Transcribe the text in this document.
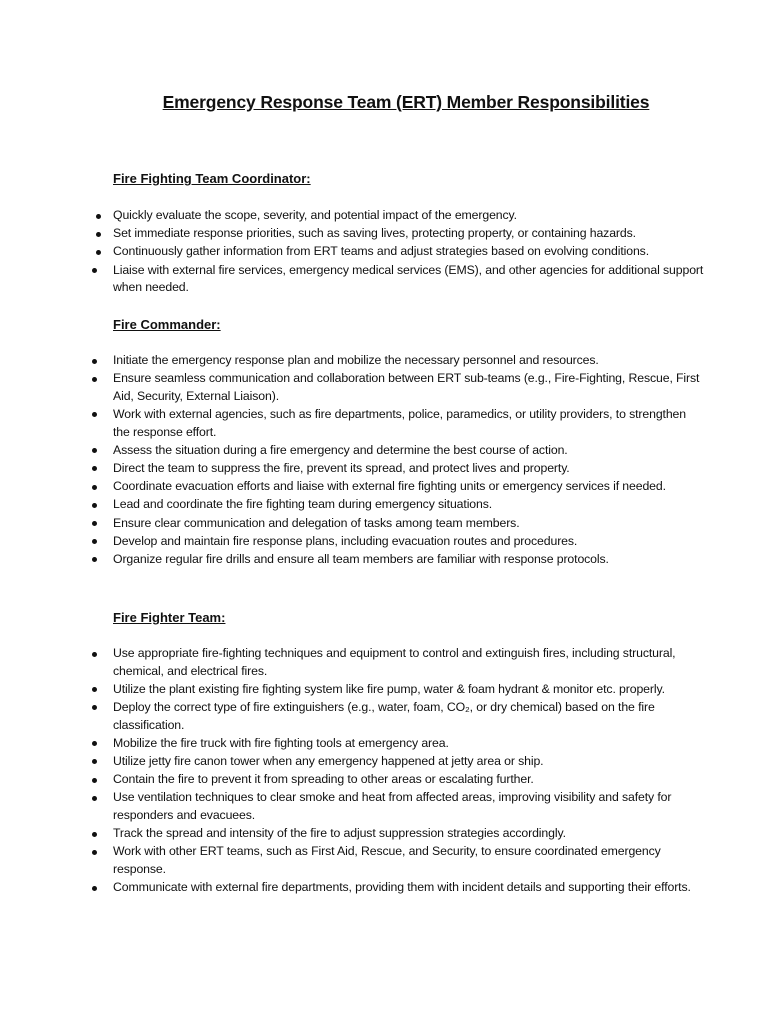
Emergency Response Team (ERT) Member Responsibilities
Fire Fighting Team Coordinator:
Quickly evaluate the scope, severity, and potential impact of the emergency.
Set immediate response priorities, such as saving lives, protecting property, or containing hazards.
Continuously gather information from ERT teams and adjust strategies based on evolving conditions.
Liaise with external fire services, emergency medical services (EMS), and other agencies for additional support when needed.
Fire Commander:
Initiate the emergency response plan and mobilize the necessary personnel and resources.
Ensure seamless communication and collaboration between ERT sub-teams (e.g., Fire-Fighting, Rescue, First Aid, Security, External Liaison).
Work with external agencies, such as fire departments, police, paramedics, or utility providers, to strengthen the response effort.
Assess the situation during a fire emergency and determine the best course of action.
Direct the team to suppress the fire, prevent its spread, and protect lives and property.
Coordinate evacuation efforts and liaise with external fire fighting units or emergency services if needed.
Lead and coordinate the fire fighting team during emergency situations.
Ensure clear communication and delegation of tasks among team members.
Develop and maintain fire response plans, including evacuation routes and procedures.
Organize regular fire drills and ensure all team members are familiar with response protocols.
Fire Fighter Team:
Use appropriate fire-fighting techniques and equipment to control and extinguish fires, including structural, chemical, and electrical fires.
Utilize the plant existing fire fighting system like fire pump, water & foam hydrant & monitor etc. properly.
Deploy the correct type of fire extinguishers (e.g., water, foam, CO₂, or dry chemical) based on the fire classification.
Mobilize the fire truck with fire fighting tools at emergency area.
Utilize jetty fire canon tower when any emergency happened at jetty area or ship.
Contain the fire to prevent it from spreading to other areas or escalating further.
Use ventilation techniques to clear smoke and heat from affected areas, improving visibility and safety for responders and evacuees.
Track the spread and intensity of the fire to adjust suppression strategies accordingly.
Work with other ERT teams, such as First Aid, Rescue, and Security, to ensure coordinated emergency response.
Communicate with external fire departments, providing them with incident details and supporting their efforts.
